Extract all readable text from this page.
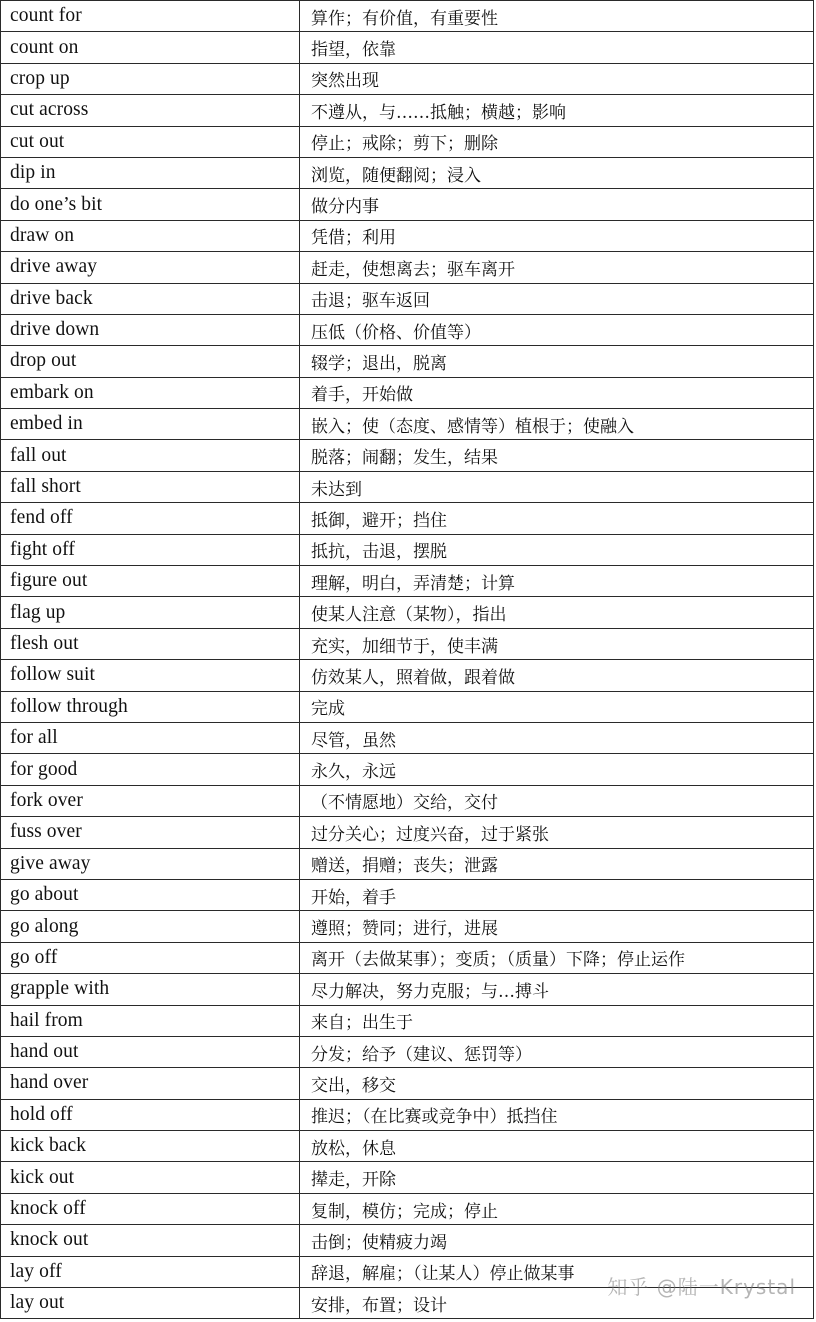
count for	算作；有价值，有重要性
count on	指望，依靠
crop up	突然出现
cut across	不遵从，与……抵触；横越；影响
cut out	停止；戒除；剪下；删除
dip in	浏览，随便翻阅；浸入
do one’s bit	做分内事
draw on	凭借；利用
drive away	赶走，使想离去；驱车离开
drive back	击退；驱车返回
drive down	压低（价格、价值等）
drop out	辍学；退出，脱离
embark on	着手，开始做
embed in	嵌入；使（态度、感情等）植根于；使融入
fall out	脱落；闹翻；发生，结果
fall short	未达到
fend off	抵御，避开；挡住
fight off	抵抗，击退，摆脱
figure out	理解，明白，弄清楚；计算
flag up	使某人注意（某物），指出
flesh out	充实，加细节于，使丰满
follow suit	仿效某人，照着做，跟着做
follow through	完成
for all	尽管，虽然
for good	永久，永远
fork over	（不情愿地）交给，交付
fuss over	过分关心；过度兴奋，过于紧张
give away	赠送，捐赠；丧失；泄露
go about	开始，着手
go along	遵照；赞同；进行，进展
go off	离开（去做某事）；变质；（质量）下降；停止运作
grapple with	尽力解决，努力克服；与…搏斗
hail from	来自；出生于
hand out	分发；给予（建议、惩罚等）
hand over	交出，移交
hold off	推迟；（在比赛或竞争中）抵挡住
kick back	放松，休息
kick out	撵走，开除
knock off	复制，模仿；完成；停止
knock out	击倒；使精疲力竭
lay off	辞退，解雇；（让某人）停止做某事
lay out	安排，布置；设计
知乎 @陆一Krystal
